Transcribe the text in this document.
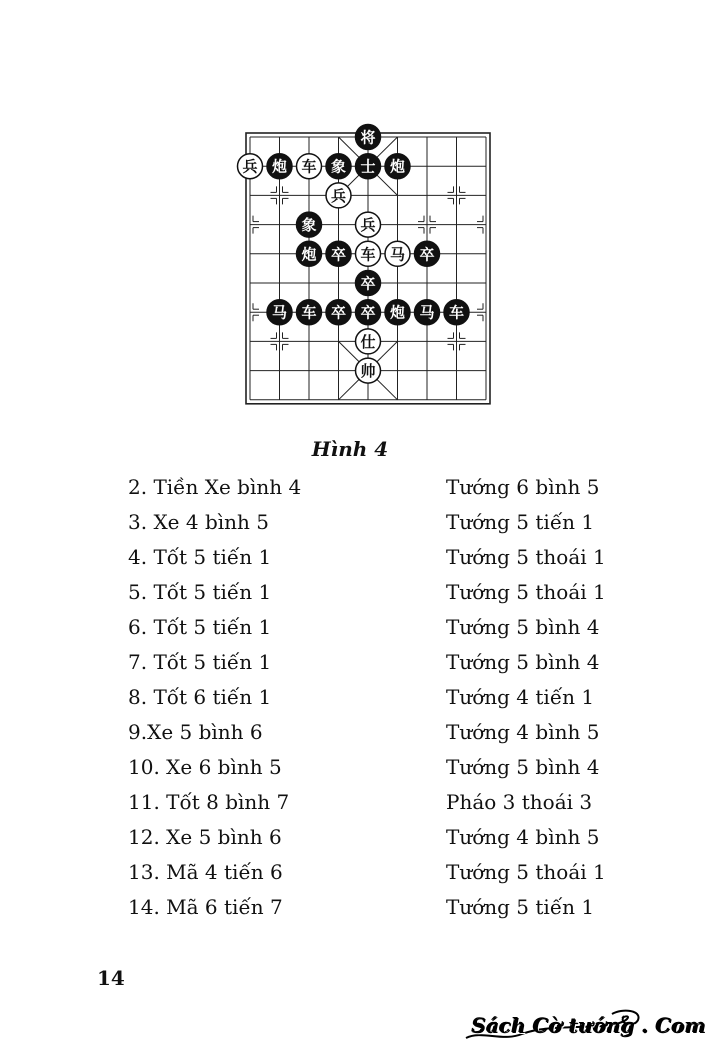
将
兵 炮 车 象 士 炮
兵
象	兵
炮 卒 车 马 卒
卒
马 车 卒 卒 炮 马 车
仕
帅
Hình 4
2. Tiền Xe bình 4	Tướng 6 bình 5
3. Xe 4 bình 5	Tướng 5 tiến 1
4. Tốt 5 tiến 1	Tướng 5 thoái 1
5. Tốt 5 tiến 1	Tướng 5 thoái 1
6. Tốt 5 tiến 1	Tướng 5 bình 4
7. Tốt 5 tiến 1	Tướng 5 bình 4
8. Tốt 6 tiến 1	Tướng 4 tiến 1
9.Xe 5 bình 6	Tướng 4 bình 5
10. Xe 6 bình 5	Tướng 5 bình 4
11. Tốt 8 bình 7	Pháo 3 thoái 3
12. Xe 5 bình 6	Tướng 4 bình 5
13. Mã 4 tiến 6	Tướng 5 thoái 1
14. Mã 6 tiến 7	Tướng 5 tiến 1
14
Sách Cờ tướng . Com
